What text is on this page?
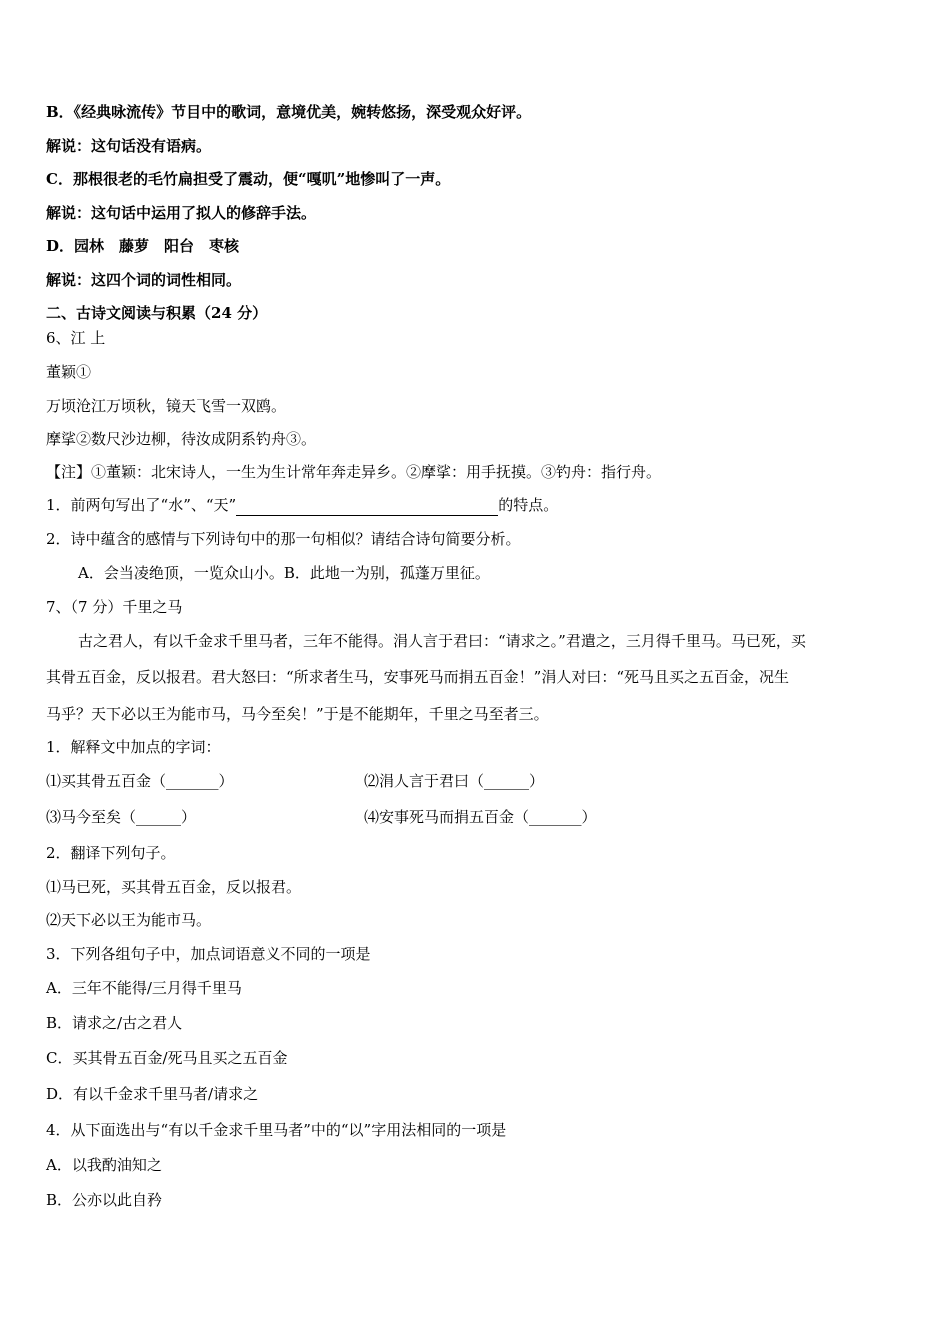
B．《经典咏流传》节目中的歌词，意境优美，婉转悠扬，深受观众好评。
解说：这句话没有语病。
C．那根很老的毛竹扁担受了震动，便“嘎叽”地惨叫了一声。
解说：这句话中运用了拟人的修辞手法。
D．园林　藤萝　阳台　枣核
解说：这四个词的词性相同。
二、古诗文阅读与积累（24 分）
6、江 上
董颖①
万顷沧江万顷秋，镜天飞雪一双鸥。
摩挲②数尺沙边柳，待汝成阴系钓舟③。
【注】①董颖：北宋诗人，一生为生计常年奔走异乡。②摩挲：用手抚摸。③钓舟：指行舟。
1．前两句写出了“水”、“天”	的特点。
2．诗中蕴含的感情与下列诗句中的那一句相似？请结合诗句简要分析。
A．会当凌绝顶，一览众山小。B．此地一为别，孤蓬万里征。
7、（7 分）千里之马
古之君人，有以千金求千里马者，三年不能得。涓人言于君曰：“请求之。”君遣之，三月得千里马。马已死，买
其骨五百金，反以报君。君大怒曰：“所求者生马，安事死马而捐五百金！”涓人对曰：“死马且买之五百金，况生
马乎？天下必以王为能市马，马今至矣！”于是不能期年，千里之马至者三。
1．解释文中加点的字词：
⑴买其骨五百金（_______）	⑵涓人言于君曰（______）
⑶马今至矣（______）	⑷安事死马而捐五百金（_______）
2．翻译下列句子。
⑴马已死，买其骨五百金，反以报君。
⑵天下必以王为能市马。
3．下列各组句子中，加点词语意义不同的一项是
A．三年不能得/三月得千里马
B．请求之/古之君人
C．买其骨五百金/死马且买之五百金
D．有以千金求千里马者/请求之
4．从下面选出与“有以千金求千里马者”中的“以”字用法相同的一项是
A．以我酌油知之
B．公亦以此自矜
